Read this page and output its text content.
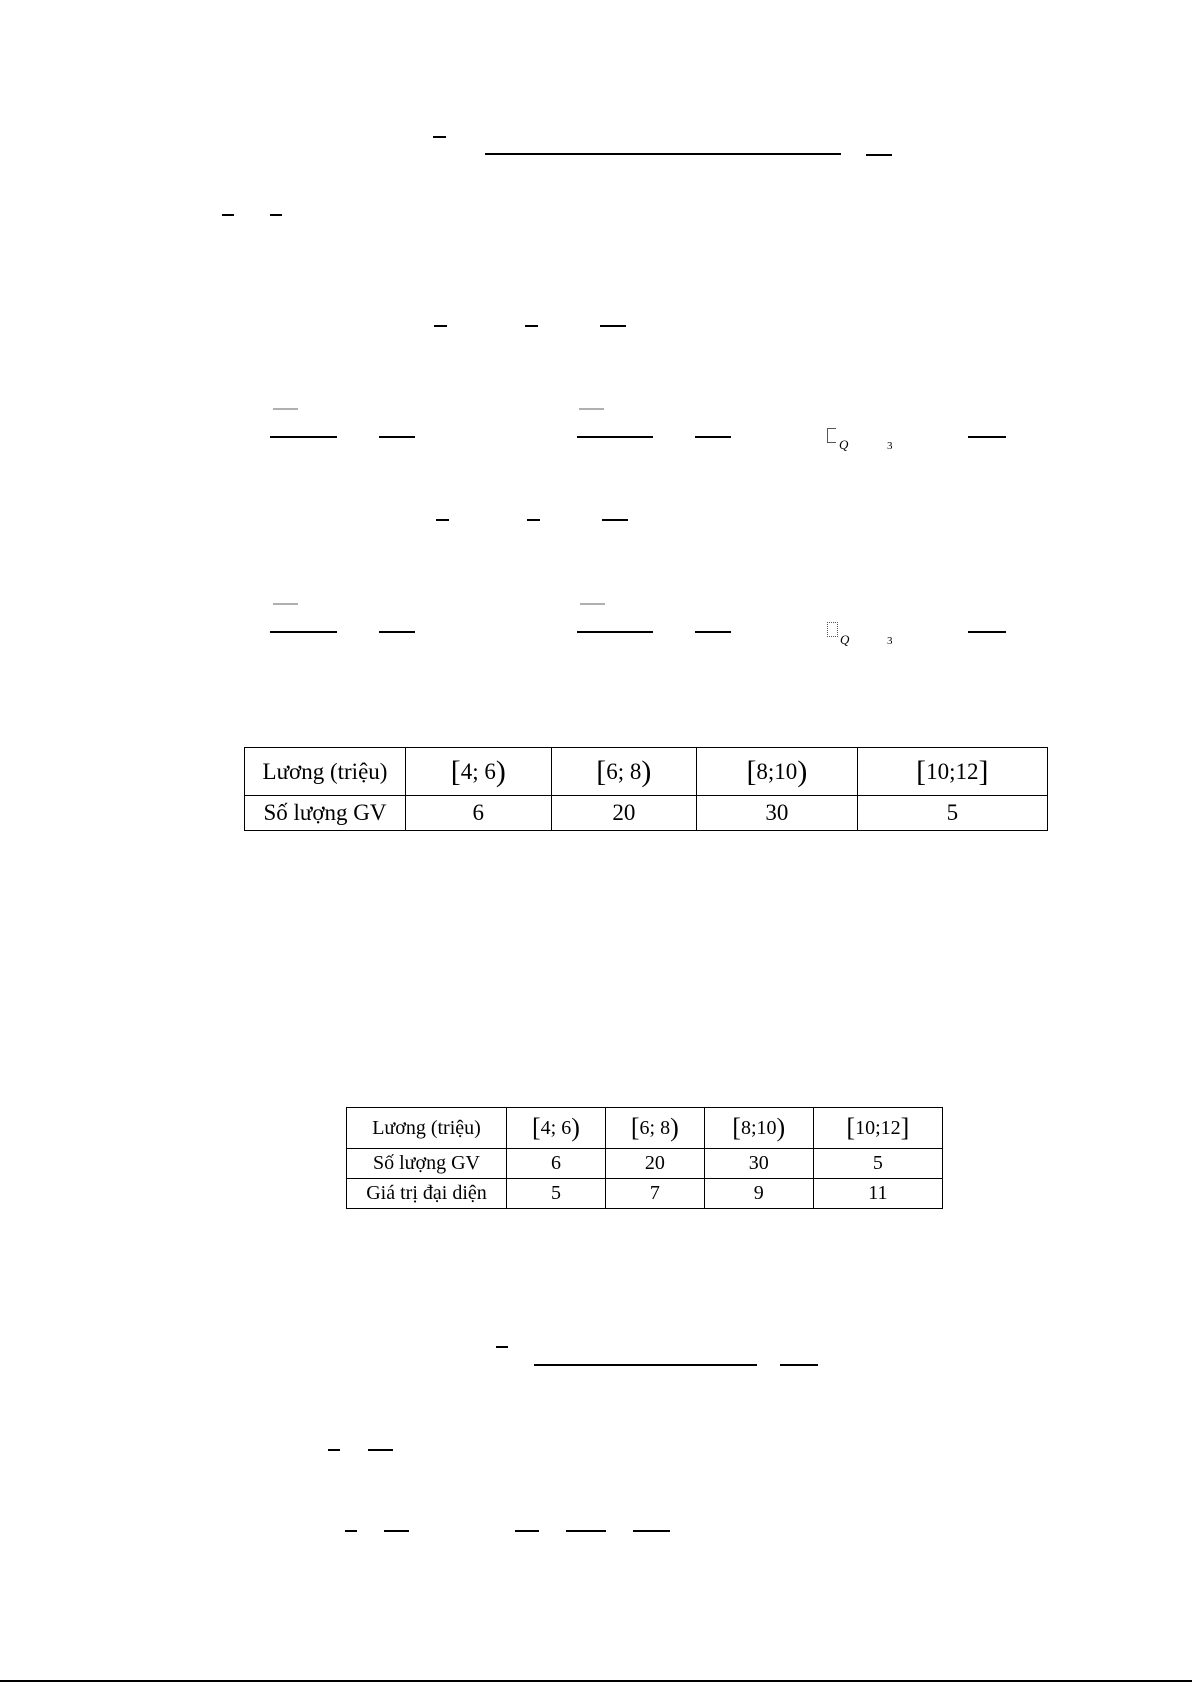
Q	3
Q	3
Lương (triệu)	[4; 6)	[6; 8)	[8;10)	[10;12]
Số lượng GV	6	20	30	5
Lương (triệu)	[4; 6)	[6; 8)	[8;10)	[10;12]
Số lượng GV	6	20	30	5
Giá trị đại diện	5	7	9	11
